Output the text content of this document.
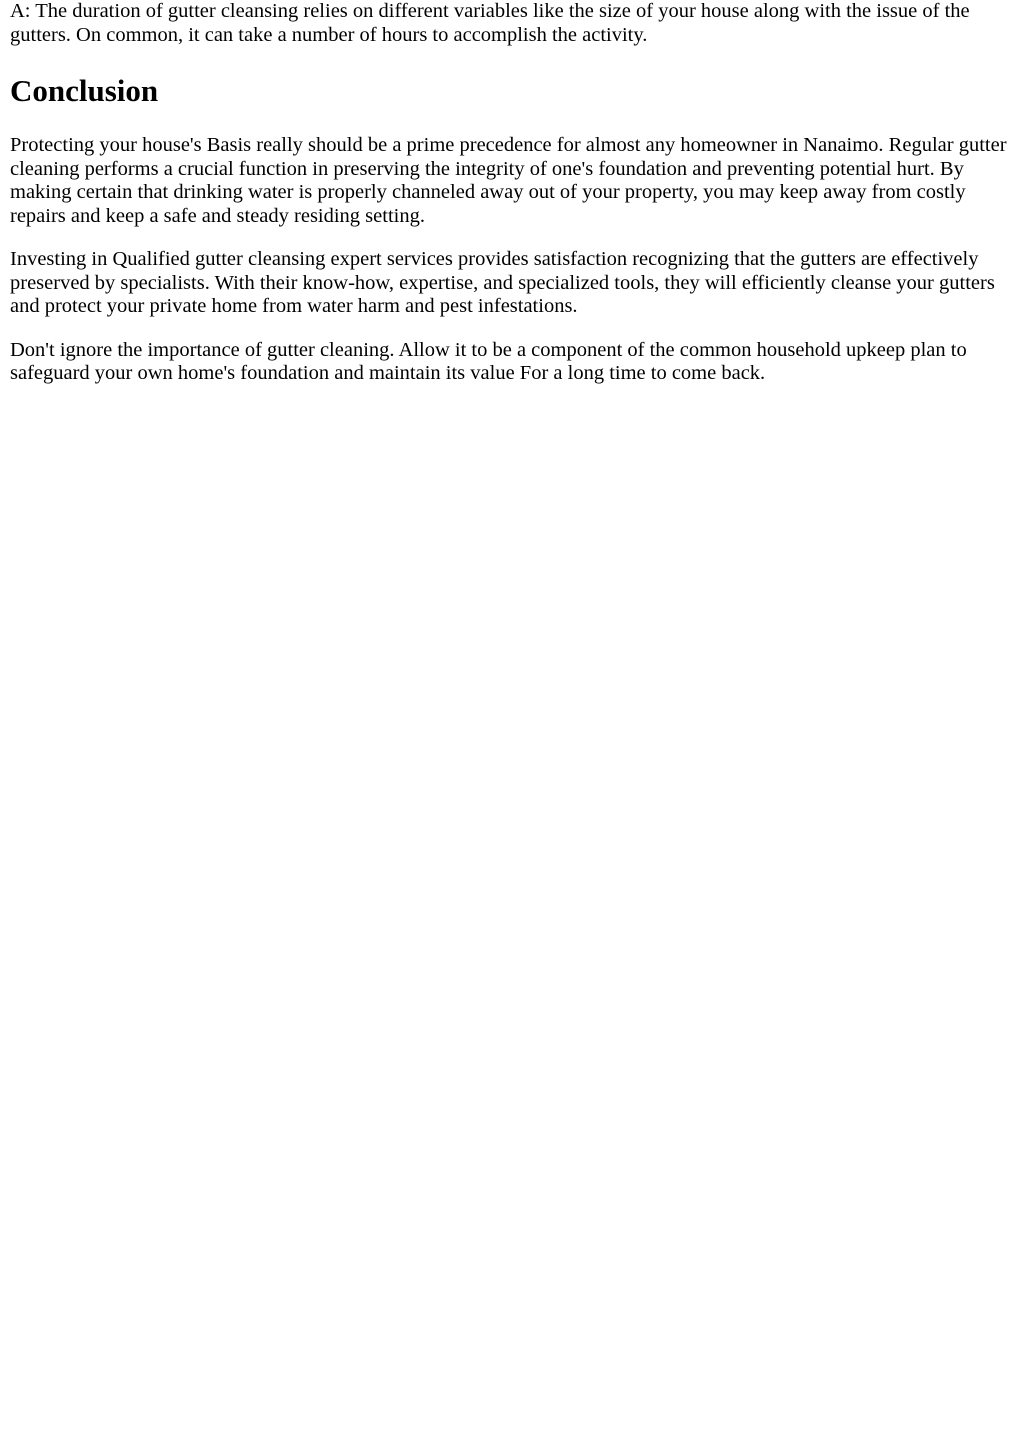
A: The duration of gutter cleansing relies on different variables like the size of your house along with the issue of the gutters. On common, it can take a number of hours to accomplish the activity.

Conclusion

Protecting your house's Basis really should be a prime precedence for almost any homeowner in Nanaimo. Regular gutter cleaning performs a crucial function in preserving the integrity of one's foundation and preventing potential hurt. By making certain that drinking water is properly channeled away out of your property, you may keep away from costly repairs and keep a safe and steady residing setting.

Investing in Qualified gutter cleansing expert services provides satisfaction recognizing that the gutters are effectively preserved by specialists. With their know-how, expertise, and specialized tools, they will efficiently cleanse your gutters and protect your private home from water harm and pest infestations.

Don't ignore the importance of gutter cleaning. Allow it to be a component of the common household upkeep plan to safeguard your own home's foundation and maintain its value For a long time to come back.
